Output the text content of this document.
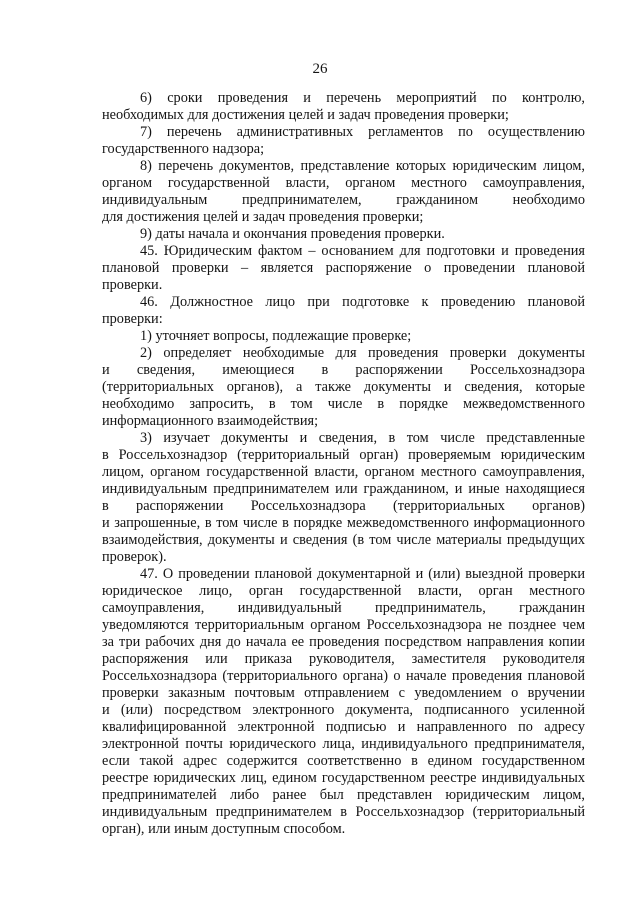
26
6) сроки проведения и перечень мероприятий по контролю,
необходимых для достижения целей и задач проведения проверки;
7) перечень административных регламентов по осуществлению
государственного надзора;
8) перечень документов, представление которых юридическим лицом,
органом государственной власти, органом местного самоуправления,
индивидуальным предпринимателем, гражданином необходимо
для достижения целей и задач проведения проверки;
9) даты начала и окончания проведения проверки.
45. Юридическим фактом – основанием для подготовки и проведения
плановой проверки – является распоряжение о проведении плановой
проверки.
46. Должностное лицо при подготовке к проведению плановой
проверки:
1) уточняет вопросы, подлежащие проверке;
2) определяет необходимые для проведения проверки документы
и сведения, имеющиеся в распоряжении Россельхознадзора
(территориальных органов), а также документы и сведения, которые
необходимо запросить, в том числе в порядке межведомственного
информационного взаимодействия;
3) изучает документы и сведения, в том числе представленные
в Россельхознадзор (территориальный орган) проверяемым юридическим
лицом, органом государственной власти, органом местного самоуправления,
индивидуальным предпринимателем или гражданином, и иные находящиеся
в распоряжении Россельхознадзора (территориальных органов)
и запрошенные, в том числе в порядке межведомственного информационного
взаимодействия, документы и сведения (в том числе материалы предыдущих
проверок).
47. О проведении плановой документарной и (или) выездной проверки
юридическое лицо, орган государственной власти, орган местного
самоуправления, индивидуальный предприниматель, гражданин
уведомляются территориальным органом Россельхознадзора не позднее чем
за три рабочих дня до начала ее проведения посредством направления копии
распоряжения или приказа руководителя, заместителя руководителя
Россельхознадзора (территориального органа) о начале проведения плановой
проверки заказным почтовым отправлением с уведомлением о вручении
и (или) посредством электронного документа, подписанного усиленной
квалифицированной электронной подписью и направленного по адресу
электронной почты юридического лица, индивидуального предпринимателя,
если такой адрес содержится соответственно в едином государственном
реестре юридических лиц, едином государственном реестре индивидуальных
предпринимателей либо ранее был представлен юридическим лицом,
индивидуальным предпринимателем в Россельхознадзор (территориальный
орган), или иным доступным способом.
